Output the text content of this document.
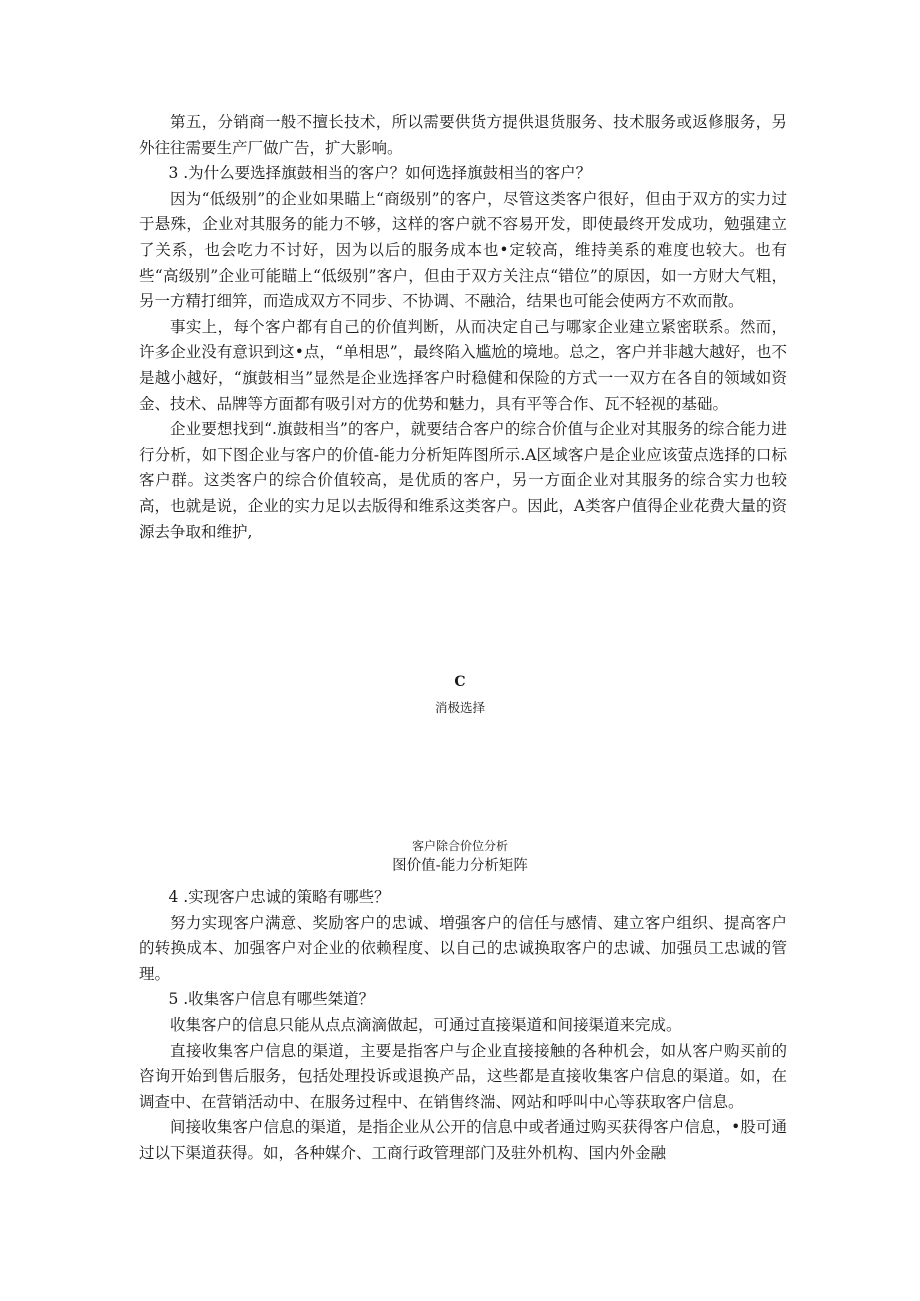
第五，分销商一般不擅长技术，所以需要供货方提供退货服务、技术服务或返修服务，另外往往需要生产厂做广告，扩大影响。

3 .为什么要选择旗鼓相当的客户？如何选择旗鼓相当的客户？

因为“低级别”的企业如果瞄上“商级别”的客户，尽管这类客户很好，但由于双方的实力过于悬殊，企业对其服务的能力不够，这样的客户就不容易开发，即使最终开发成功，勉强建立了关系，也会吃力不讨好，因为以后的服务成本也•定较高，维持美系的难度也较大。也有些“高级别”企业可能瞄上“低级别”客户，但由于双方关注点“错位”的原因，如一方财大气粗，另一方精打细笄，而造成双方不同步、不协调、不融洽，结果也可能会使两方不欢而散。

事实上，每个客户都有自己的价值判断，从而决定自己与哪家企业建立紧密联系。然而，许多企业没有意识到这•点，“单相思”，最终陷入尴尬的境地。总之，客户并非越大越好，也不是越小越好，“旗鼓相当”显然是企业选择客户时稳健和保险的方式一一双方在各自的领域如资金、技术、品牌等方面都有吸引对方的优势和魅力，具有平等合作、瓦不轻视的基础。

企业要想找到“.旗鼓相当”的客户，就要结合客户的综合价值与企业对其服务的综合能力进行分析，如下图企业与客户的价值-能力分析矩阵图所示.A区域客户是企业应该萤点选择的口标客户群。这类客户的综合价值较高，是优质的客户，另一方面企业对其服务的综合实力也较高，也就是说，企业的实力足以去版得和维系这类客户。因此，A类客户值得企业花费大量的资源去争取和维护,

C

消极选择

客户除合价位分析

图价值-能力分析矩阵

4 .实现客户忠诚的策略有哪些？

努力实现客户满意、奖励客户的忠诚、増强客户的信任与感情、建立客户组织、提高客户的转换成本、加强客户对企业的依赖程度、以自己的忠诚换取客户的忠诚、加强员工忠诚的管理。

5 .收集客户信息有哪些桀道？

收集客户的信息只能从点点滴滴做起，可通过直接渠道和间接渠道来完成。

直接收集客户信息的渠道，主要是指客户与企业直接接触的各种机会，如从客户购买前的咨询开始到售后服务，包括处理投诉或退换产品，这些都是直接收集客户信息的渠道。如，在调查中、在营销活动中、在服务过程中、在销售终湍、网站和呼叫中心等获取客户信息。

间接收集客户信息的渠道，是指企业从公开的信息中或者通过购买获得客户信息，•股可通过以下渠道获得。如，各种媒介、工商行政管理部门及驻外机构、国内外金融
